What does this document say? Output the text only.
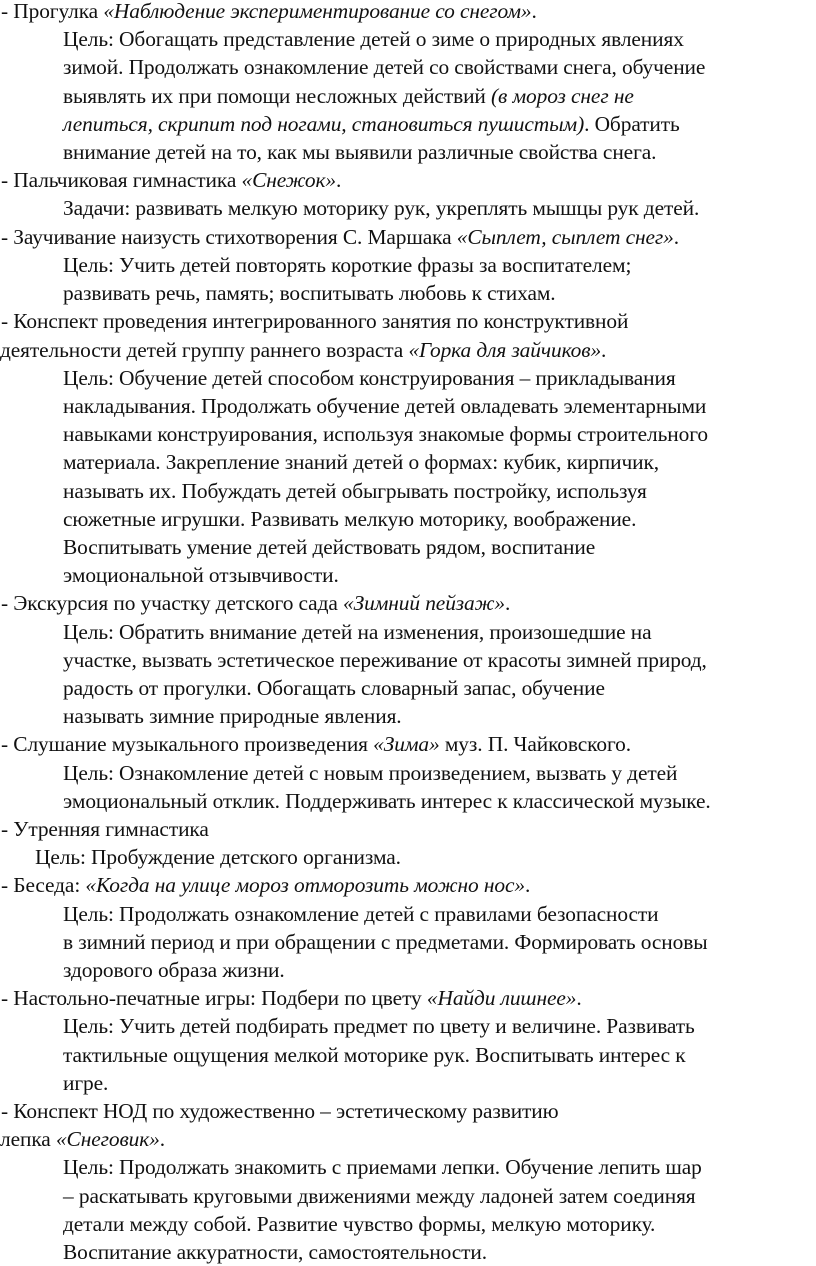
- Прогулка «Наблюдение экспериментирование со снегом».
Цель: Обогащать представление детей о зиме о природных явлениях
зимой. Продолжать ознакомление детей со свойствами снега, обучение
выявлять их при помощи несложных действий (в мороз снег не
лепиться, скрипит под ногами, становиться пушистым). Обратить
внимание детей на то, как мы выявили различные свойства снега.
- Пальчиковая гимнастика «Снежок».
Задачи: развивать мелкую моторику рук, укреплять мышцы рук детей.
- Заучивание наизусть стихотворения С. Маршака «Сыплет, сыплет снег».
Цель: Учить детей повторять короткие фразы за воспитателем;
развивать речь, память; воспитывать любовь к стихам.
- Конспект проведения интегрированного занятия по конструктивной
деятельности детей группу раннего возраста «Горка для зайчиков».
Цель: Обучение детей способом конструирования – прикладывания
накладывания. Продолжать обучение детей овладевать элементарными
навыками конструирования, используя знакомые формы строительного
материала. Закрепление знаний детей о формах: кубик, кирпичик,
называть их. Побуждать детей обыгрывать постройку, используя
сюжетные игрушки. Развивать мелкую моторику, воображение.
Воспитывать умение детей действовать рядом, воспитание
эмоциональной отзывчивости.
- Экскурсия по участку детского сада «Зимний пейзаж».
Цель: Обратить внимание детей на изменения, произошедшие на
участке, вызвать эстетическое переживание от красоты зимней природ,
радость от прогулки. Обогащать словарный запас, обучение
называть зимние природные явления.
- Слушание музыкального произведения «Зима» муз. П. Чайковского.
Цель: Ознакомление детей с новым произведением, вызвать у детей
эмоциональный отклик. Поддерживать интерес к классической музыке.
- Утренняя гимнастика
Цель: Пробуждение детского организма.
- Беседа: «Когда на улице мороз отморозить можно нос».
Цель: Продолжать ознакомление детей с правилами безопасности
в зимний период и при обращении с предметами. Формировать основы
здорового образа жизни.
- Настольно-печатные игры: Подбери по цвету «Найди лишнее».
Цель: Учить детей подбирать предмет по цвету и величине. Развивать
тактильные ощущения мелкой моторике рук. Воспитывать интерес к
игре.
- Конспект НОД по художественно – эстетическому развитию
лепка «Снеговик».
Цель: Продолжать знакомить с приемами лепки. Обучение лепить шар
– раскатывать круговыми движениями между ладоней затем соединяя
детали между собой. Развитие чувство формы, мелкую моторику.
Воспитание аккуратности, самостоятельности.
